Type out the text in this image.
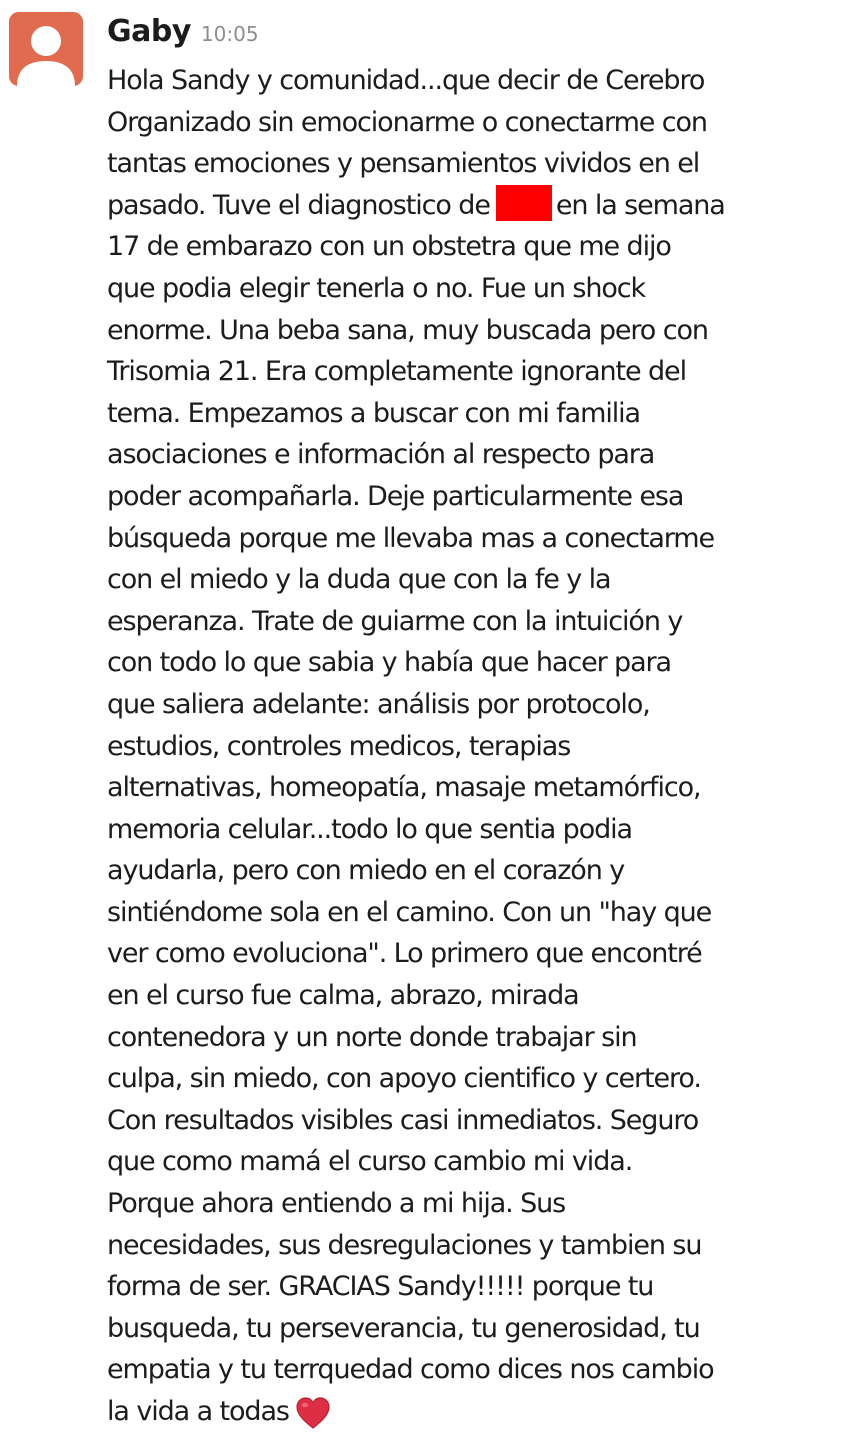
Gaby 10:05
Hola Sandy y comunidad...que decir de Cerebro
Organizado sin emocionarme o conectarme con
tantas emociones y pensamientos vividos en el
pasado. Tuve el diagnostico de en la semana
17 de embarazo con un obstetra que me dijo
que podia elegir tenerla o no. Fue un shock
enorme. Una beba sana, muy buscada pero con
Trisomia 21. Era completamente ignorante del
tema. Empezamos a buscar con mi familia
asociaciones e información al respecto para
poder acompañarla. Deje particularmente esa
búsqueda porque me llevaba mas a conectarme
con el miedo y la duda que con la fe y la
esperanza. Trate de guiarme con la intuición y
con todo lo que sabia y había que hacer para
que saliera adelante: análisis por protocolo,
estudios, controles medicos, terapias
alternativas, homeopatía, masaje metamórfico,
memoria celular...todo lo que sentia podia
ayudarla, pero con miedo en el corazón y
sintiéndome sola en el camino. Con un "hay que
ver como evoluciona". Lo primero que encontré
en el curso fue calma, abrazo, mirada
contenedora y un norte donde trabajar sin
culpa, sin miedo, con apoyo cientifico y certero.
Con resultados visibles casi inmediatos. Seguro
que como mamá el curso cambio mi vida.
Porque ahora entiendo a mi hija. Sus
necesidades, sus desregulaciones y tambien su
forma de ser. GRACIAS Sandy!!!!! porque tu
busqueda, tu perseverancia, tu generosidad, tu
empatia y tu terrquedad como dices nos cambio
la vida a todas
